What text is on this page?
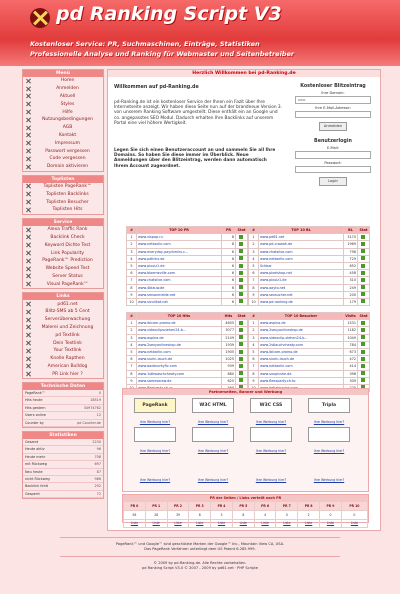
pd Ranking Script V3
Kostenloser Service: PR, Suchmaschinen, Einträge, Statistiken
Professionelle Analyse und Ranking für Webmaster und Seitenbetreiber
Menü
Home
Anmelden
Aktuell
Styles
Hilfe
Nutzungsbedingungen
AGB
Kontakt
Impressum
Passwort vergessen
Code vergessen
Domain aktivieren
Toplisten
Toplisten PageRank™
Toplisten Backlinks
Toplisten Besucher
Toplisten Hits
Service
Alexa Traffic Rank
Backlink Check
Keyword Dichte Test
Link Popularity
PageRank™ Prediction
Website Speed Test
Server Status
Visual PageRank™
Links
pd61.net
Blitz-SMS ab 5 Cent
Serverüberwachung
Malerei und Zeichnung
pd Textlink
Dein Textlink
Your Textlink
Knolle Rapthen
American Bulldog
PR Link hier ?
Technische Daten
PageRank™	0
Hits heute	18519
Hits gestern	34974762
Users online	12
Counter by	pd Counter.de
Statistiken
Gesamt	2230
Heute aktiv	96
Heute mehr	708
mit Rückweg	697
Neu heute	87
nicht Rückweg	986
Backlink fehlt	292
Gesperrt	72
Herzlich Willkommen bei pd-Ranking.de
Willkommen auf pd-Ranking.de
pd-Ranking.de ist ein kostenloser Service der Ihnen ein Fazit über Ihre Internetseite anzeigt. Wir haben diese Seite nun auf der brandneue Version 3. von unserem Ranking Software umgestellt. Diese enthält ein an Google und co. angepasstes SEO Modul. Dadurch erhalten Ihre Backlinks auf unserem Portal eine viel höhere Wertigkeit.
Legen Sie sich einen Benutzeraccount an und sammeln Sie all Ihre Domains. So haben Sie diese immer im Überblick. Neue Anmeldungen über den Blitzeintrag, werden dann automatisch Ihrem Account zugeordnet.
Kostenloser Blitzeintrag
Ihre Domain:
www.
Ihre E-Mail-Adresse:
Anmelden
Benutzerlogin
E-Mail:
Passwort:
Login
#	TOP 10 PR	PR	Stat
1	www.vispop.ru	8	
2	www.netbarlin.com	8	
3	www.everyday-paychecks.c...	6	
4	www.pdlinks.de	6	
5	www.pixulz1.de	6	
6	www.bloemeville.com	6	
7	www.chatslive.com	6	
8	www.4blauw.de	6	
9	www.smsanmelde.net	6	
10	www.sivuilkat.net	6	
#	TOP 10 BL	BL	Stat
1	www.pd61.net	3170	
2	www.pd-crawah.de	1969	
3	www.chatslive.com	798	
4	www.netbarlin.com	729	
5	Schbar	652	
6	www.pixelshop.net	458	
7	www.pixulz1.de	310	
8	www.aayto.net	249	
9	www.sexsucher.net	200	
10	www.pd-ranking.de	179	
#	TOP 10 Hits	Hits	Stat
1	www.ibicom.promo.de	4605	
2	www.videoclipsziehen24-b...	3077	
3	www.aspina.de	2149	
4	www.2sexyonlineshop.de	1939	
5	www.netbarlin.com	1905	
6	www.siurin-lauch.de	1025	
7	www.badecorkyflz.com	939	
8	www.1stkwaschcheaty.com	880	
9	www.somesoraw.de	625	

#	TOP 10 Besucher	Visits	Stat
1	www.aspina.de	1531	
2	www.2sexyonlineshop.de	1182	
3	www.videoclip-ziehen24-b...	1049	
4	www.2stlauchcheaty.com	784	
5	www.ibicom.promo.de	673	
6	www.siurin-lauch.de	472	
7	www.netbarlin.com	414	
8	www.sunpicshe.de	398	
9	www.fleexparty.ch.to	309	

Partnerseiten, Banner und Werbung
PageRank
Ihre Werbung hier?
W3C HTML
Ihre Werbung hier?
W3C CSS
Ihre Werbung hier?
Tripla
Ihre Werbung hier?
Ihre Werbung hier?	Ihre Werbung hier?	Ihre Werbung hier?	Ihre Werbung hier?
Ihre Werbung hier?	Ihre Werbung hier?	Ihre Werbung hier?	Ihre Werbung hier?
PR der Seiten / Links verteilt nach PR
PR 0	PR 1	PR 2	PR 3	PR 4	PR 5	PR 6	PR 7	PR 8	PR 9	PR 10
56	28	39	8	3	8	4	0	2	0	0
Liste	Liste	Liste	Liste	Liste	Liste	Liste	Liste	Liste	Liste	Liste
PageRank™ und Google™ sind geschützte Marken der Google™ Inc., Mountain View CA, USA.
Das PageRank Verfahren unterliegt dem US Patent 6.285.999.
© 2009 by pd-Ranking.de. Alle Rechte vorbehalten.
pd Ranking Script V3.0 © 2007 - 2009 by pd61.net · PHP Scripte
